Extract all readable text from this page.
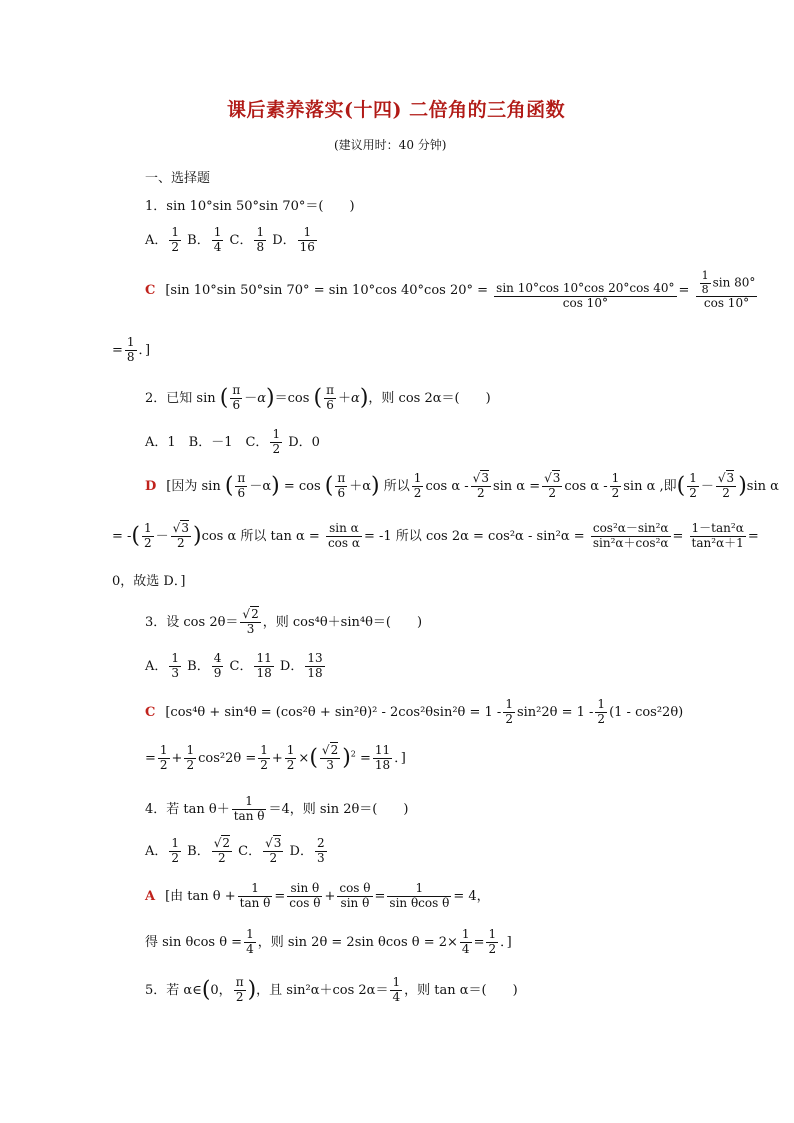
课后素养落实(十四) 二倍角的三角函数
(建议用时：40 分钟)
一、选择题
1．sin 10°sin 50°sin 70°＝(　　)
A． $\frac{1}{2}$ B． $\frac{1}{4}$ C． $\frac{1}{8}$ D． $\frac{1}{16}$
C [sin 10°sin 50°sin 70° = sin 10°cos 40°cos $20^\circ = \frac{\sin 10^\circ\cos 10^\circ\cos 20^\circ\cos 40^\circ}{\cos 10^\circ} = \frac{\frac{1}{8} \sin 80^\circ}{\cos 10^\circ}$
= $\frac{1}{8}$ ．]
2．已知 sin ( $\frac{\pi}{6} -\alpha)=\cos$ ( $\frac{\pi}{6} +\alpha$)，则 cos 2α＝(　　)
A．1　B．－1　C． $\frac{1}{2}$ D．0
D [因为 sin ( $\frac{\pi}{6} -\alpha) = \cos$ ( $\frac{\pi}{6} +\alpha$) 所以 $\frac{1}{2}$ cos α - $\frac{√3}{2}$ $\sin \alpha = \frac{√3}{2}$ cos α - $\frac{1}{2}$ sin α ,即( $\frac{1}{2} - \frac{√3}{2} )\sin$ α
= -( $\frac{1}{2} - \frac{√3}{2} )\cos$ α 所以 $\tan \alpha = \frac{\text{sin α}}{\text{cos α}} = -1$ 所以 $\cos 2\alpha = \cos^2\alpha - \sin^2\alpha = \frac{\text{cos²α－sin²α}}{\text{sin²α＋cos²α}} = \frac{\text{1－tan²α}}{\text{tan²α＋1}}$ =
0，故选 D．]
3．设 $\cos 2\theta= \frac{√2}{3}$ ，则 cos⁴θ＋sin⁴θ＝(　　)
A． $\frac{1}{3}$ B． $\frac{4}{9}$ C． $\frac{11}{18}$ D． $\frac{13}{18}$
C [$\cos^4\theta + \sin^4\theta = (\cos^2\theta + \sin^2\theta)^2 - 2\cos^2\theta\sin^2\theta = 1 - \frac{1}{2} \sin^22\theta = 1 - \frac{1}{2} (1 - \cos^22\theta)$
= $\frac{1}{2} + \frac{1}{2} \cos^22\theta = \frac{1}{2} + \frac{1}{2}$ ×( $\frac{√2}{3} )^2 = \frac{11}{18}$ ．]
4．若 $\tan \theta+ \frac{1}{\text{tan θ}} =4$，则 sin 2θ＝(　　)
A． $\frac{1}{2}$ B． $\frac{√2}{2}$ C． $\frac{√3}{2}$ D． $\frac{2}{3}$
A [由 $\tan \theta + \frac{1}{\text{tan θ}} = \frac{\text{sin θ}}{\text{cos θ}} + \frac{\text{cos θ}}{\text{sin θ}} = \frac{1}{\text{sin θcos θ}} = 4$，
得 sin θcos $\theta = \frac{1}{4}$ ，则 sin 2θ = 2sin θcos $\theta = 2\times \frac{1}{4} = \frac{1}{2}$ ．]
5．若 α∈(0， $\frac{\pi}{2}$ )，且 sin²α＋cos $2\alpha= \frac{1}{4}$ ，则 tan α＝(　　)
